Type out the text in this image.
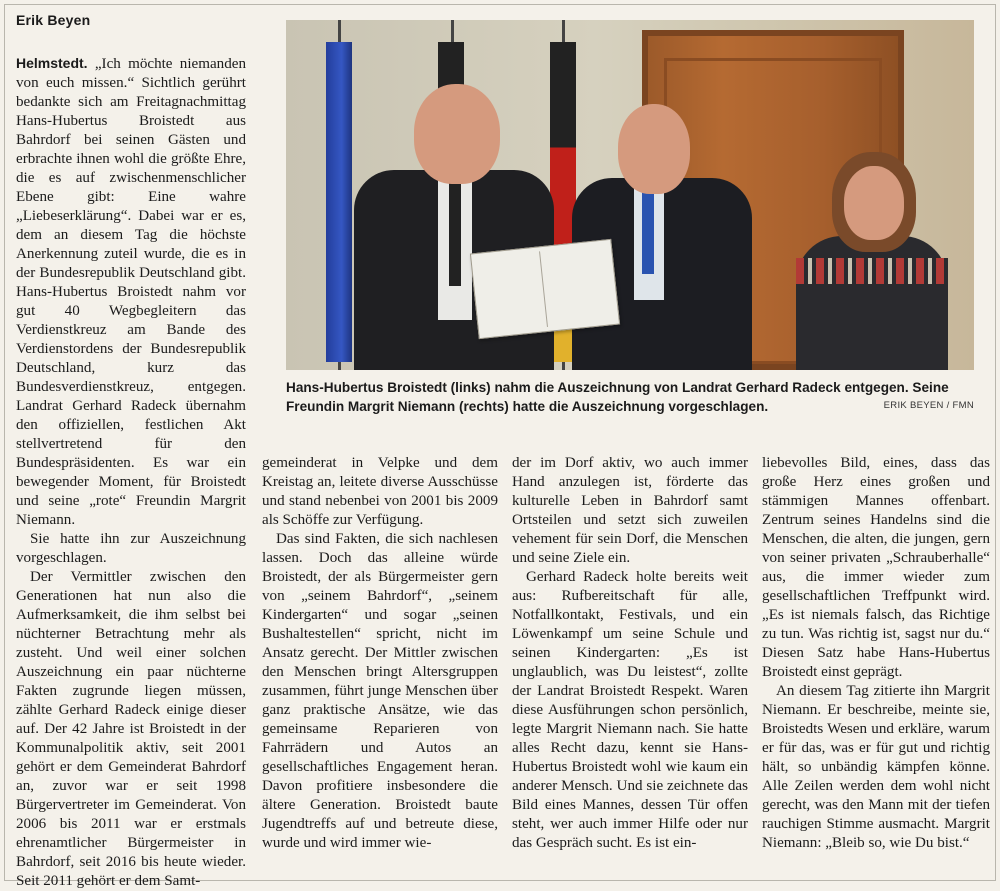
Erik Beyen

Helmstedt. „Ich möchte niemanden von euch missen.“ Sichtlich gerührt bedankte sich am Freitagnachmittag Hans-Hubertus Broistedt aus Bahrdorf bei seinen Gästen und erbrachte ihnen wohl die größte Ehre, die es auf zwischenmenschlicher Ebene gibt: Eine wahre „Liebeserklärung“. Dabei war er es, dem an diesem Tag die höchste Anerkennung zuteil wurde, die es in der Bundesrepublik Deutschland gibt. Hans-Hubertus Broistedt nahm vor gut 40 Wegbegleitern das Verdienstkreuz am Bande des Verdienstordens der Bundesrepublik Deutschland, kurz das Bundesverdienstkreuz, entgegen. Landrat Gerhard Radeck übernahm den offiziellen, festlichen Akt stellvertretend für den Bundespräsidenten. Es war ein bewegender Moment, für Broistedt und seine „rote“ Freundin Margrit Niemann.

Sie hatte ihn zur Auszeichnung vorgeschlagen.

Der Vermittler zwischen den Generationen hat nun also die Aufmerksamkeit, die ihm selbst bei nüchterner Betrachtung mehr als zusteht. Und weil einer solchen Auszeichnung ein paar nüchterne Fakten zugrunde liegen müssen, zählte Gerhard Radeck einige dieser auf. Der 42 Jahre ist Broistedt in der Kommunalpolitik aktiv, seit 2001 gehört er dem Gemeinderat Bahrdorf an, zuvor war er seit 1998 Bürgervertreter im Gemeinderat. Von 2006 bis 2011 war er erstmals ehrenamtlicher Bürgermeister in Bahrdorf, seit 2016 bis heute wieder. Seit 2011 gehört er dem Samt-

Hans-Hubertus Broistedt (links) nahm die Auszeichnung von Landrat Gerhard Radeck entgegen. Seine Freundin Margrit Niemann (rechts) hatte die Auszeichnung vorgeschlagen.	ERIK BEYEN / FMN

gemeinderat in Velpke und dem Kreistag an, leitete diverse Ausschüsse und stand nebenbei von 2001 bis 2009 als Schöffe zur Verfügung.

Das sind Fakten, die sich nachlesen lassen. Doch das alleine würde Broistedt, der als Bürgermeister gern von „seinem Bahrdorf“, „seinem Kindergarten“ und sogar „seinen Bushaltestellen“ spricht, nicht im Ansatz gerecht. Der Mittler zwischen den Menschen bringt Altersgruppen zusammen, führt junge Menschen über ganz praktische Ansätze, wie das gemeinsame Reparieren von Fahrrädern und Autos an gesellschaftliches Engagement heran. Davon profitiere insbesondere die ältere Generation. Broistedt baute Jugendtreffs auf und betreute diese, wurde und wird immer wie-

der im Dorf aktiv, wo auch immer Hand anzulegen ist, förderte das kulturelle Leben in Bahrdorf samt Ortsteilen und setzt sich zuweilen vehement für sein Dorf, die Menschen und seine Ziele ein.

Gerhard Radeck holte bereits weit aus: Rufbereitschaft für alle, Notfallkontakt, Festivals, und ein Löwenkampf um seine Schule und seinen Kindergarten: „Es ist unglaublich, was Du leistest“, zollte der Landrat Broistedt Respekt. Waren diese Ausführungen schon persönlich, legte Margrit Niemann nach. Sie hatte alles Recht dazu, kennt sie Hans-Hubertus Broistedt wohl wie kaum ein anderer Mensch. Und sie zeichnete das Bild eines Mannes, dessen Tür offen steht, wer auch immer Hilfe oder nur das Gespräch sucht. Es ist ein-

liebevolles Bild, eines, dass das große Herz eines großen und stämmigen Mannes offenbart. Zentrum seines Handelns sind die Menschen, die alten, die jungen, gern von seiner privaten „Schrauberhalle“ aus, die immer wieder zum gesellschaftlichen Treffpunkt wird. „Es ist niemals falsch, das Richtige zu tun. Was richtig ist, sagst nur du.“ Diesen Satz habe Hans-Hubertus Broistedt einst geprägt.

An diesem Tag zitierte ihn Margrit Niemann. Er beschreibe, meinte sie, Broistedts Wesen und erkläre, warum er für das, was er für gut und richtig hält, so unbändig kämpfen könne. Alle Zeilen werden dem wohl nicht gerecht, was den Mann mit der tiefen rauchigen Stimme ausmacht. Margrit Niemann: „Bleib so, wie Du bist.“
